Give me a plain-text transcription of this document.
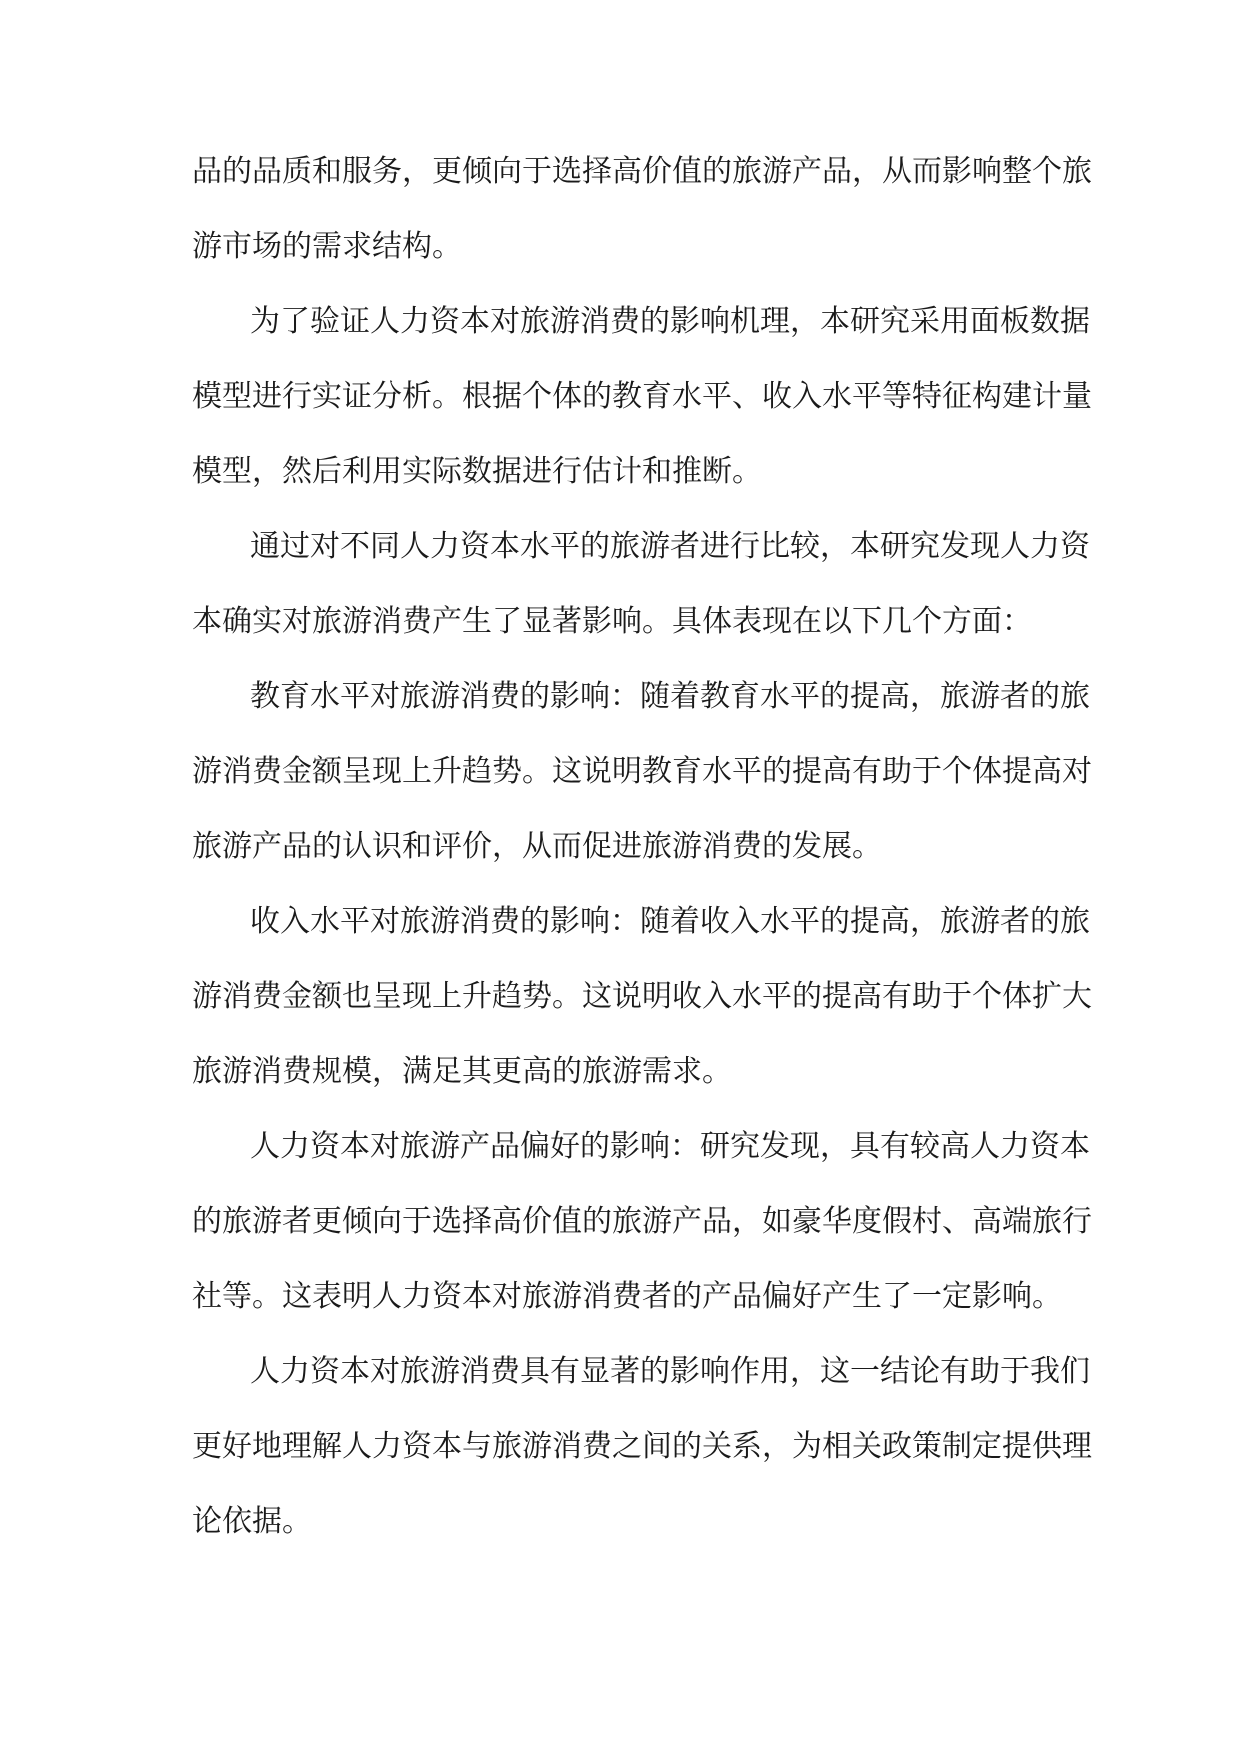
品的品质和服务，更倾向于选择高价值的旅游产品，从而影响整个旅
游市场的需求结构。
为了验证人力资本对旅游消费的影响机理，本研究采用面板数据
模型进行实证分析。根据个体的教育水平、收入水平等特征构建计量
模型，然后利用实际数据进行估计和推断。
通过对不同人力资本水平的旅游者进行比较，本研究发现人力资
本确实对旅游消费产生了显著影响。具体表现在以下几个方面：
教育水平对旅游消费的影响：随着教育水平的提高，旅游者的旅
游消费金额呈现上升趋势。这说明教育水平的提高有助于个体提高对
旅游产品的认识和评价，从而促进旅游消费的发展。
收入水平对旅游消费的影响：随着收入水平的提高，旅游者的旅
游消费金额也呈现上升趋势。这说明收入水平的提高有助于个体扩大
旅游消费规模，满足其更高的旅游需求。
人力资本对旅游产品偏好的影响：研究发现，具有较高人力资本
的旅游者更倾向于选择高价值的旅游产品，如豪华度假村、高端旅行
社等。这表明人力资本对旅游消费者的产品偏好产生了一定影响。
人力资本对旅游消费具有显著的影响作用，这一结论有助于我们
更好地理解人力资本与旅游消费之间的关系，为相关政策制定提供理
论依据。
